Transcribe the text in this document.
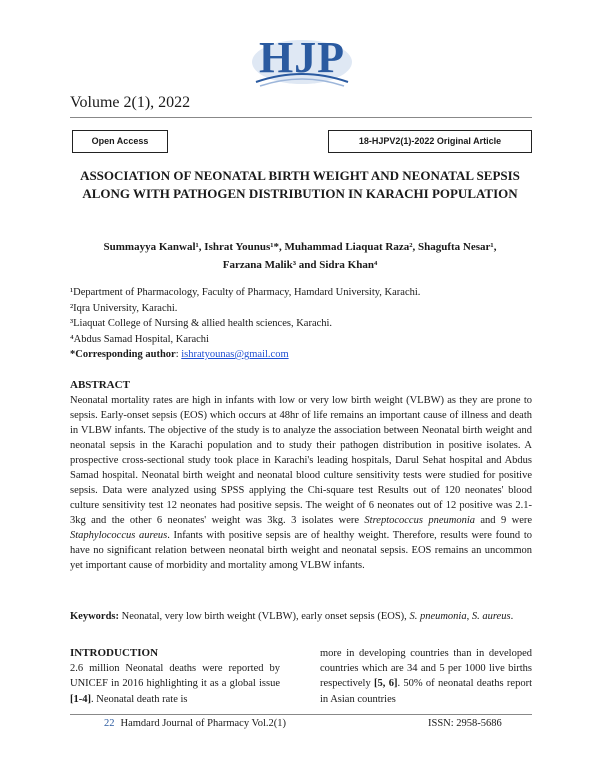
HJP
Volume 2(1), 2022
Open Access	18-HJPV2(1)-2022 Original Article
ASSOCIATION OF NEONATAL BIRTH WEIGHT AND NEONATAL SEPSIS ALONG WITH PATHOGEN DISTRIBUTION IN KARACHI POPULATION
Summayya Kanwal¹, Ishrat Younus¹*, Muhammad Liaquat Raza², Shagufta Nesar¹,
Farzana Malik³ and Sidra Khan⁴
¹Department of Pharmacology, Faculty of Pharmacy, Hamdard University, Karachi.
²Iqra University, Karachi.
³Liaquat College of Nursing & allied health sciences, Karachi.
⁴Abdus Samad Hospital, Karachi
*Corresponding author: ishratyounas@gmail.com
ABSTRACT
Neonatal mortality rates are high in infants with low or very low birth weight (VLBW) as they are prone to sepsis. Early-onset sepsis (EOS) which occurs at 48hr of life remains an important cause of illness and death in VLBW infants. The objective of the study is to analyze the association between Neonatal birth weight and neonatal sepsis in the Karachi population and to study their pathogen distribution in positive isolates. A prospective cross-sectional study took place in Karachi's leading hospitals, Darul Sehat hospital and Abdus Samad hospital. Neonatal birth weight and neonatal blood culture sensitivity tests were studied for positive sepsis. Data were analyzed using SPSS applying the Chi-square test Results out of 120 neonates' blood culture sensitivity test 12 neonates had positive sepsis. The weight of 6 neonates out of 12 positive was 2.1-3kg and the other 6 neonates' weight was 3kg. 3 isolates were Streptococcus pneumonia and 9 were Staphylococcus aureus. Infants with positive sepsis are of healthy weight. Therefore, results were found to have no significant relation between neonatal birth weight and neonatal sepsis. EOS remains an uncommon yet important cause of morbidity and mortality among VLBW infants.
Keywords: Neonatal, very low birth weight (VLBW), early onset sepsis (EOS), S. pneumonia, S. aureus.
INTRODUCTION
2.6 million Neonatal deaths were reported by UNICEF in 2016 highlighting it as a global issue [1-4]. Neonatal death rate is
more in developing countries than in developed countries which are 34 and 5 per 1000 live births respectively [5, 6]. 50% of neonatal deaths report in Asian countries
22 Hamdard Journal of Pharmacy Vol.2(1)	ISSN: 2958-5686
